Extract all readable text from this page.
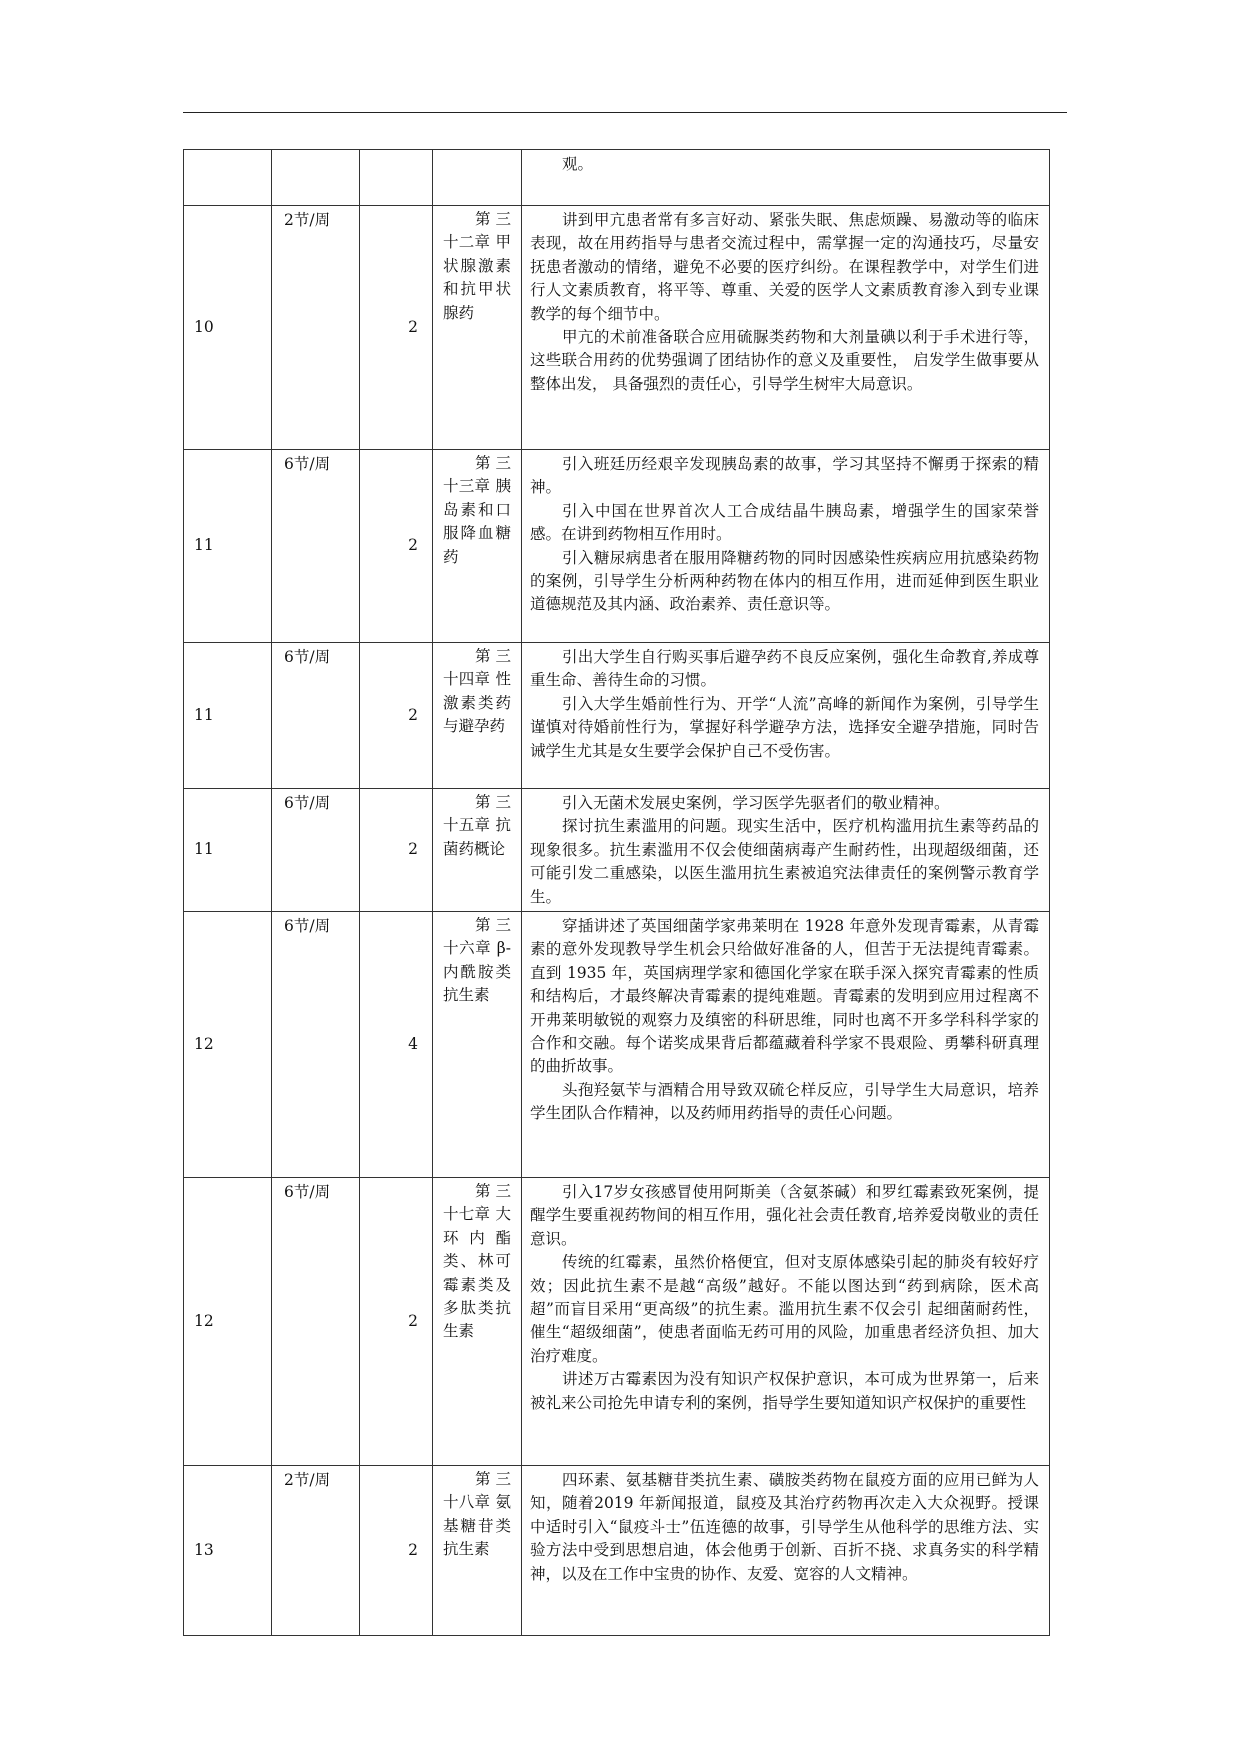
				观。

10	2节/周	2	第三十二章 甲状腺激素和抗甲状腺药	讲到甲亢患者常有多言好动、紧张失眠、焦虑烦躁、易激动等的临床表现，故在用药指导与患者交流过程中，需掌握一定的沟通技巧，尽量安抚患者激动的情绪，避免不必要的医疗纠纷。在课程教学中，对学生们进行人文素质教育，将平等、尊重、关爱的医学人文素质教育渗入到专业课教学的每个细节中。

甲亢的术前准备联合应用硫脲类药物和大剂量碘以利于手术进行等， 这些联合用药的优势强调了团结协作的意义及重要性， 启发学生做事要从整体出发， 具备强烈的责任心，引导学生树牢大局意识。

11	6节/周	2	第三十三章 胰岛素和口服降血糖药	引入班廷历经艰辛发现胰岛素的故事，学习其坚持不懈勇于探索的精神。

引入中国在世界首次人工合成结晶牛胰岛素，增强学生的国家荣誉感。在讲到药物相互作用时。

引入糖尿病患者在服用降糖药物的同时因感染性疾病应用抗感染药物的案例，引导学生分析两种药物在体内的相互作用，进而延伸到医生职业道德规范及其内涵、政治素养、责任意识等。

11	6节/周	2	第三十四章 性激素类药与避孕药	引出大学生自行购买事后避孕药不良反应案例，强化生命教育,养成尊重生命、善待生命的习惯。

引入大学生婚前性行为、开学“人流”高峰的新闻作为案例，引导学生谨慎对待婚前性行为，掌握好科学避孕方法，选择安全避孕措施，同时告诫学生尤其是女生要学会保护自己不受伤害。

11	6节/周	2	第三十五章 抗菌药概论	引入无菌术发展史案例，学习医学先驱者们的敬业精神。

探讨抗生素滥用的问题。现实生活中，医疗机构滥用抗生素等药品的现象很多。抗生素滥用不仅会使细菌病毒产生耐药性，出现超级细菌，还可能引发二重感染，以医生滥用抗生素被追究法律责任的案例警示教育学生。

12	6节/周	4	第三十六章 β-内酰胺类抗生素	穿插讲述了英国细菌学家弗莱明在 1928 年意外发现青霉素，从青霉素的意外发现教导学生机会只给做好准备的人，但苦于无法提纯青霉素。直到 1935 年，英国病理学家和德国化学家在联手深入探究青霉素的性质和结构后，才最终解决青霉素的提纯难题。青霉素的发明到应用过程离不开弗莱明敏锐的观察力及缜密的科研思维，同时也离不开多学科科学家的合作和交融。每个诺奖成果背后都蕴藏着科学家不畏艰险、勇攀科研真理的曲折故事。

头孢羟氨苄与酒精合用导致双硫仑样反应，引导学生大局意识，培养学生团队合作精神，以及药师用药指导的责任心问题。

12	6节/周	2	第三十七章 大环内酯类、林可霉素类及多肽类抗生素	引入17岁女孩感冒使用阿斯美（含氨茶碱）和罗红霉素致死案例，提醒学生要重视药物间的相互作用，强化社会责任教育,培养爱岗敬业的责任意识。

传统的红霉素，虽然价格便宜，但对支原体感染引起的肺炎有较好疗效；因此抗生素不是越“高级”越好。不能以图达到“药到病除，医术高 超”而盲目采用“更高级”的抗生素。滥用抗生素不仅会引 起细菌耐药性，催生“超级细菌”，使患者面临无药可用的风险，加重患者经济负担、加大治疗难度。

讲述万古霉素因为没有知识产权保护意识，本可成为世界第一，后来被礼来公司抢先申请专利的案例，指导学生要知道知识产权保护的重要性

13	2节/周	2	第三十八章 氨基糖苷类抗生素	四环素、氨基糖苷类抗生素、磺胺类药物在鼠疫方面的应用已鲜为人知，随着2019 年新闻报道，鼠疫及其治疗药物再次走入大众视野。授课中适时引入“鼠疫斗士”伍连德的故事，引导学生从他科学的思维方法、实验方法中受到思想启迪，体会他勇于创新、百折不挠、求真务实的科学精神，以及在工作中宝贵的协作、友爱、宽容的人文精神。
